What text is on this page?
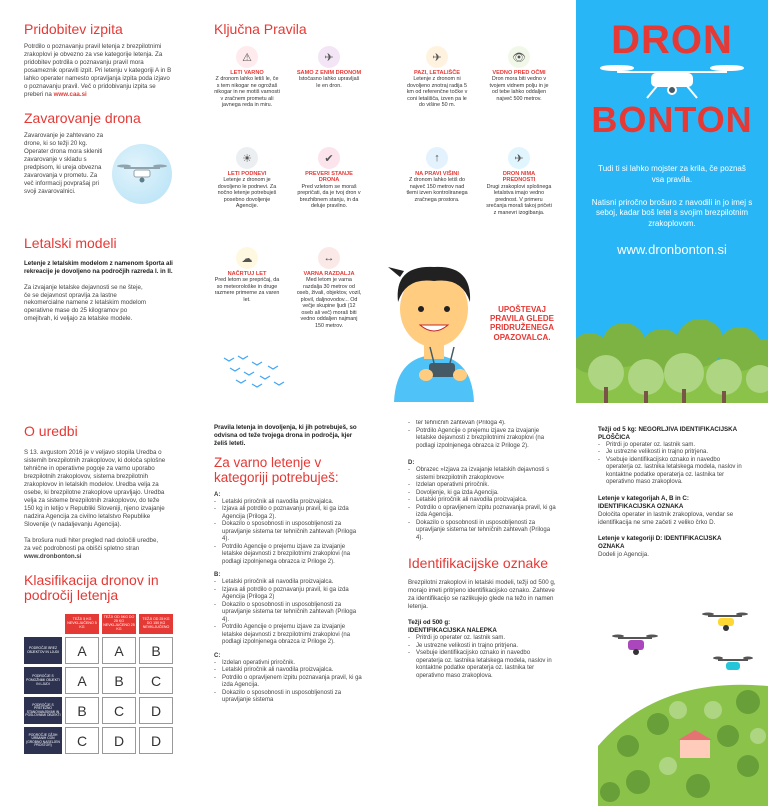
Pridobitev izpita
Potrdilo o poznavanju pravil letenja z brezpilotnimi zrakoplovi je obvezno za vse kategorije letenja. Za pridobitev potrdila o poznavanju pravil mora posameznik opraviti izpit. Pri letenju v kategoriji A in B lahko operater namesto opravljanja izpita poda izjavo o poznavanju pravil. Več o pridobivanju izpita se preberi na www.caa.si
Zavarovanje drona
Zavarovanje je zahtevano za drone, ki so težji 20 kg. Operater drona mora skleniti zavarovanje v skladu s predpisom, ki ureja obvezna zavarovanja v prometu. Za več informacij povprašaj pri svoji zavarovalnici.
Letalski modeli
Letenje z letalskim modelom z namenom športa ali rekreacije je dovoljeno na področjih razreda I. in II.
Za izvajanje letalske dejavnosti se ne šteje, če se dejavnost opravlja za lastne nekomercialne namene z letalskim modelom operativne mase do 25 kilogramov po omejitvah, ki veljajo za letalske modele.
Ključna Pravila
⚠
LETI VARNO
Z dronom lahko letiš le, če s tem nikogar ne ogrožaš nikogar in ne motiš varnosti v zračnem prometu ali javnega reda in miru.
✈
SAMO Z ENIM DRONOM
Istočasno lahko upravljaš le en dron.
✈
PAZI, LETALIŠČE
Letenje z dronom ni dovoljeno znotraj radija 5 km od referenčne točke v coni letališča, izven pa le do višine 50 m.
👁
VEDNO PRED OČMI
Dron mora biti vedno v tvojem vidnem polju in je od tebe lahko oddaljen največ 500 metrov.
☀
LETI PODNEVI
Letenje z dronom je dovoljeno le podnevi. Za nočno letenje potrebuješ posebno dovoljenje Agencije.
✔
PREVERI STANJE DRONA
Pred vzletom se moraš prepričati, da je tvoj dron v brezhibnem stanju, in da deluje pravilno.
↑
NA PRAVI VIŠINI
Z dronom lahko letiš do največ 150 metrov nad tlemi izven kontroliranega zračnega prostora.
✈
DRON NIMA PREDNOSTI
Drugi zrakoplovi splošnega letalstva imajo vedno prednost. V primeru srečanja moraš takoj pričeti z manevri izogibanja.
☁
NAČRTUJ LET
Pred letom se prepričaj, da so meteorološke in druge razmere primerne za varen let.
↔
VARNA RAZDALJA
Med letom je varna razdalja 30 metrov od oseb, živali, objektov, vozil, plovil, daljnovodov... Od večje skupine ljudi (12 oseb ali več) moraš biti vedno oddaljen najmanj 150 metrov.
UPOŠTEVAJ PRAVILA GLEDE PRIDRUŽENEGA OPAZOVALCA.
DRON
BONTON
Tudi ti si lahko mojster za krila, če poznaš vsa pravila.
Natisni priročno brošuro z navodili in jo imej s seboj, kadar boš letel s svojim brezpilotnim zrakoplovom.
www.dronbonton.si
O uredbi
S 13. avgustom 2016 je v veljavo stopila Uredba o sistemih brezpilotnih zrakoplovov, ki določa splošne tehnične in operativne pogoje za varno uporabo brezpilotnih zrakoplovov, sistema brezpilotnih zrakoplovov in letalskih modelov. Uredba velja za osebe, ki brezpilotne zrakoplove upravljajo. Uredba velja za sisteme brezpilotnih zrakoplovov, do teže 150 kg in letijo v Republiki Sloveniji, njeno izvajanje nadzira Agencija za civilno letalstvo Republike Slovenije (v nadaljevanju Agencija).
Ta brošura nudi hiter pregled nad določili uredbe, za več podrobnosti pa obišči spletno stran www.dronbonton.si
Klasifikacija dronov in področij letenja
	TEŽJI 5 KG NEVKLJUČENO 5 KG	TEŽJI OD 5KG DO 25 KG NEVKLJUČENO 25 KG	TEŽJI OD 25 KG DO 150 KG NEVKLJUČENO
PODROČJE BREZ OBJEKTOV IN LJUDI	A	A	B
PODROČJE S POMOŽNIMI OBJEKTI IN LJUDI	A	B	C
PODROČJE S PRETEŽNO STANOVANJSKIMI IN POSLOVNIMI OBJEKTI	B	C	D
PODROČJE OŽJIH URBANIH CON (GROBNO NASELJEN PROSTOR)	C	D	D
Pravila letenja in dovoljenja, ki jih potrebuješ, so odvisna od teže tvojega drona in področja, kjer želiš leteti.
Za varno letenje v kategoriji potrebuješ:
A:
- Letalski priročnik ali navodila proizvajalca.
- Izjava ali potrdilo o poznavanju pravil, ki ga izda Agencija (Priloga 2).
- Dokazilo o sposobnosti in usposobljenosti za upravljanje sistema ter tehničnih zahtevah (Priloga 4).
- Potrdilo Agencije o prejemu izjave za izvajanje letalske dejavnosti z brezpilotnimi zrakoplovi (na podlagi izpolnjenega obrazca iz Priloge 2).
B:
- Letalski priročnik ali navodila proizvajalca.
- Izjava ali potrdilo o poznavanju pravil, ki ga izda Agencija (Priloga 2)
- Dokazilo o sposobnosti in usposobljenosti za upravljanje sistema ter tehničnih zahtevah (Priloga 4).
- Potrdilo Agencije o prejemu izjave za izvajanje letalske dejavnosti z brezpilotnimi zrakoplovi (na podlagi izpolnjenega obrazca iz Priloge 2).
C:
- Izdelan operativni priročnik.
- Letalski priročnik ali navodila proizvajalca.
- Potrdilo o opravljenem izpitu poznavanja pravil, ki ga izda Agencija.
- Dokazilo o sposobnosti in usposobljenosti za upravljanje sistema
- ter tehničnih zahtevah (Priloga 4).
- Potrdilo Agencije o prejemu izjave za izvajanje letalske dejavnosti z brezpilotnimi zrakoplovi (na podlagi izpolnjenega obrazca iz Priloge 2).
D:
- Obrazec »Izjava za izvajanje letalskih dejavnosti s sistemi brezpilotnih zrakoplovov«
- Izdelan operativni priročnik.
- Dovoljenje, ki ga izda Agencija.
- Letalski priročnik ali navodila proizvajalca.
- Potrdilo o opravljenem izpitu poznavanja pravil, ki ga izda Agencija.
- Dokazilo o sposobnosti in usposobljenosti za upravljanje sistema ter tehničnih zahtevah (Priloga 4).
Identifikacijske oznake
Brezpilotni zrakoplovi in letalski modeli, težji od 500 g, morajo imeti pritrjeno identifikacijsko oznako. Zahteve za identifikacijo se razlikujejo glede na težo in namen letenja.
Težji od 500 g:
IDENTIFIKACIJSKA NALEPKA
- Pritrdi jo operater oz. lastnik sam.
- Je ustrezne velikosti in trajno pritrjena.
- Vsebuje identifikacijsko oznako in navedbo operaterja oz. lastnika letalskega modela, naslov in kontaktne podatke operaterja oz. lastnika ter operativno maso zrakoplova.
Težji od 5 kg: NEGORLJIVA IDENTIFIKACIJSKA PLOŠČICA
- Pritrdi jo operater oz. lastnik sam.
- Je ustrezne velikosti in trajno pritrjena.
- Vsebuje identifikacijsko oznako in navedbo operaterja oz. lastnika letalskega modela, naslov in kontaktne podatke operaterja oz. lastnika ter operativno maso zrakoplova.
Letenje v kategorijah A, B in C: IDENTIFIKACIJSKA OZNAKA
Določita operater in lastnik zrakoplova, vendar se identifikacija ne sme začeti z veliko črko D.
Letenje v kategoriji D: IDENTIFIKACIJSKA OZNAKA
Dodeli jo Agencija.
